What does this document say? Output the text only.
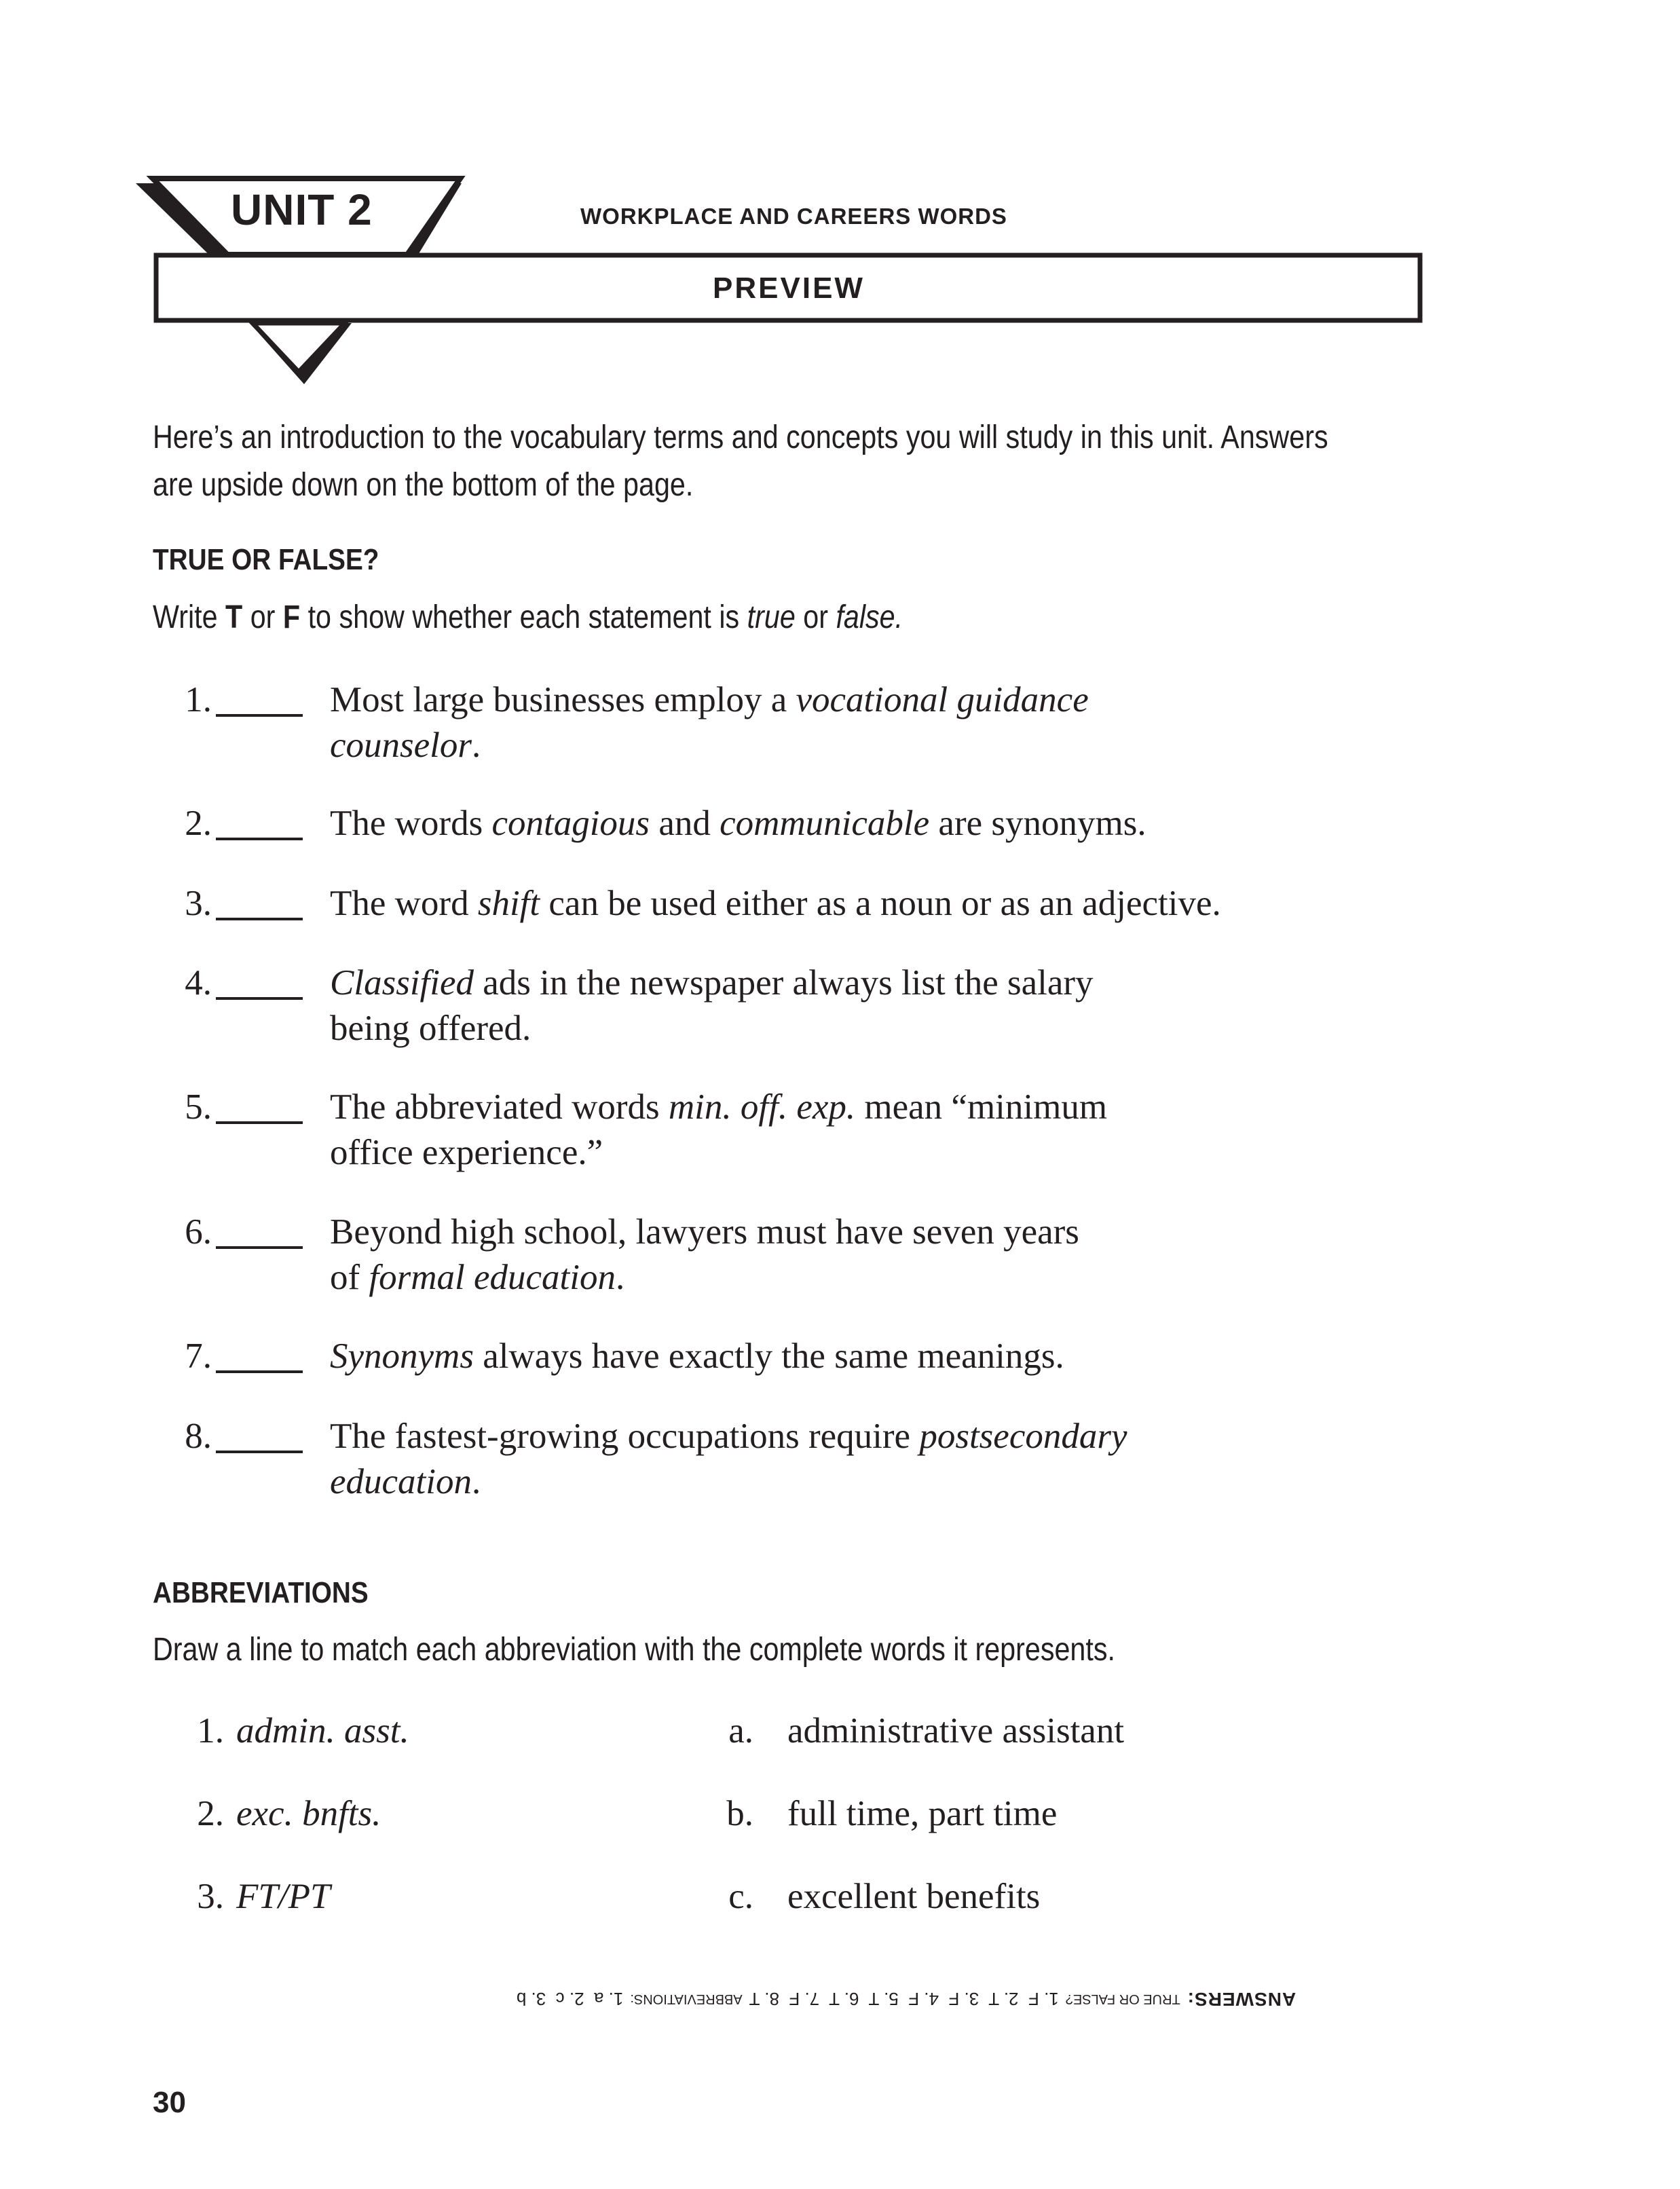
UNIT 2	WORKPLACE AND CAREERS WORDS
PREVIEW
Here’s an introduction to the vocabulary terms and concepts you will study in this unit. Answers are upside down on the bottom of the page.
TRUE OR FALSE?
Write T or F to show whether each statement is true or false.
1.	Most large businesses employ a vocational guidance
counselor.
2.	The words contagious and communicable are synonyms.
3.	The word shift can be used either as a noun or as an adjective.
4.	Classified ads in the newspaper always list the salary
being offered.
5.	The abbreviated words min. off. exp. mean “minimum
office experience.”
6.	Beyond high school, lawyers must have seven years
of formal education.
7.	Synonyms always have exactly the same meanings.
8.	The fastest-growing occupations require postsecondary
education.
ABBREVIATIONS
Draw a line to match each abbreviation with the complete words it represents.
1. admin. asst.	a. administrative assistant
2. exc. bnfts.	b. full time, part time
3. FT/PT	c. excellent benefits
ANSWERS:
TRUE OR FALSE?
1. F  2. T  3. F  4. F  5. T  6. T  7. F  8. T
ABBREVIATIONS:
1. a  2. c  3. b
30
